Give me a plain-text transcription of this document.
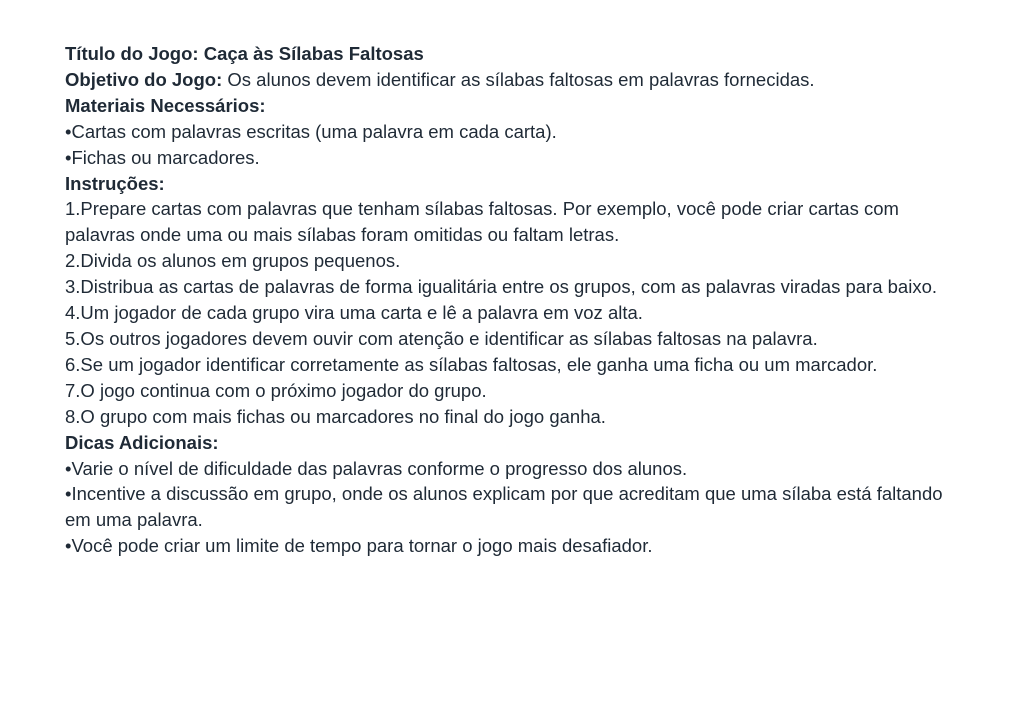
Título do Jogo: Caça às Sílabas Faltosas
Objetivo do Jogo: Os alunos devem identificar as sílabas faltosas em palavras fornecidas.
Materiais Necessários:
•Cartas com palavras escritas (uma palavra em cada carta).
•Fichas ou marcadores.
Instruções:

1.Prepare cartas com palavras que tenham sílabas faltosas. Por exemplo, você pode criar cartas com palavras onde uma ou mais sílabas foram omitidas ou faltam letras.

2.Divida os alunos em grupos pequenos.

3.Distribua as cartas de palavras de forma igualitária entre os grupos, com as palavras viradas para baixo.

4.Um jogador de cada grupo vira uma carta e lê a palavra em voz alta.

5.Os outros jogadores devem ouvir com atenção e identificar as sílabas faltosas na palavra.

6.Se um jogador identificar corretamente as sílabas faltosas, ele ganha uma ficha ou um marcador.

7.O jogo continua com o próximo jogador do grupo.

8.O grupo com mais fichas ou marcadores no final do jogo ganha.

Dicas Adicionais:

•Varie o nível de dificuldade das palavras conforme o progresso dos alunos.

•Incentive a discussão em grupo, onde os alunos explicam por que acreditam que uma sílaba está faltando em uma palavra.

•Você pode criar um limite de tempo para tornar o jogo mais desafiador.
